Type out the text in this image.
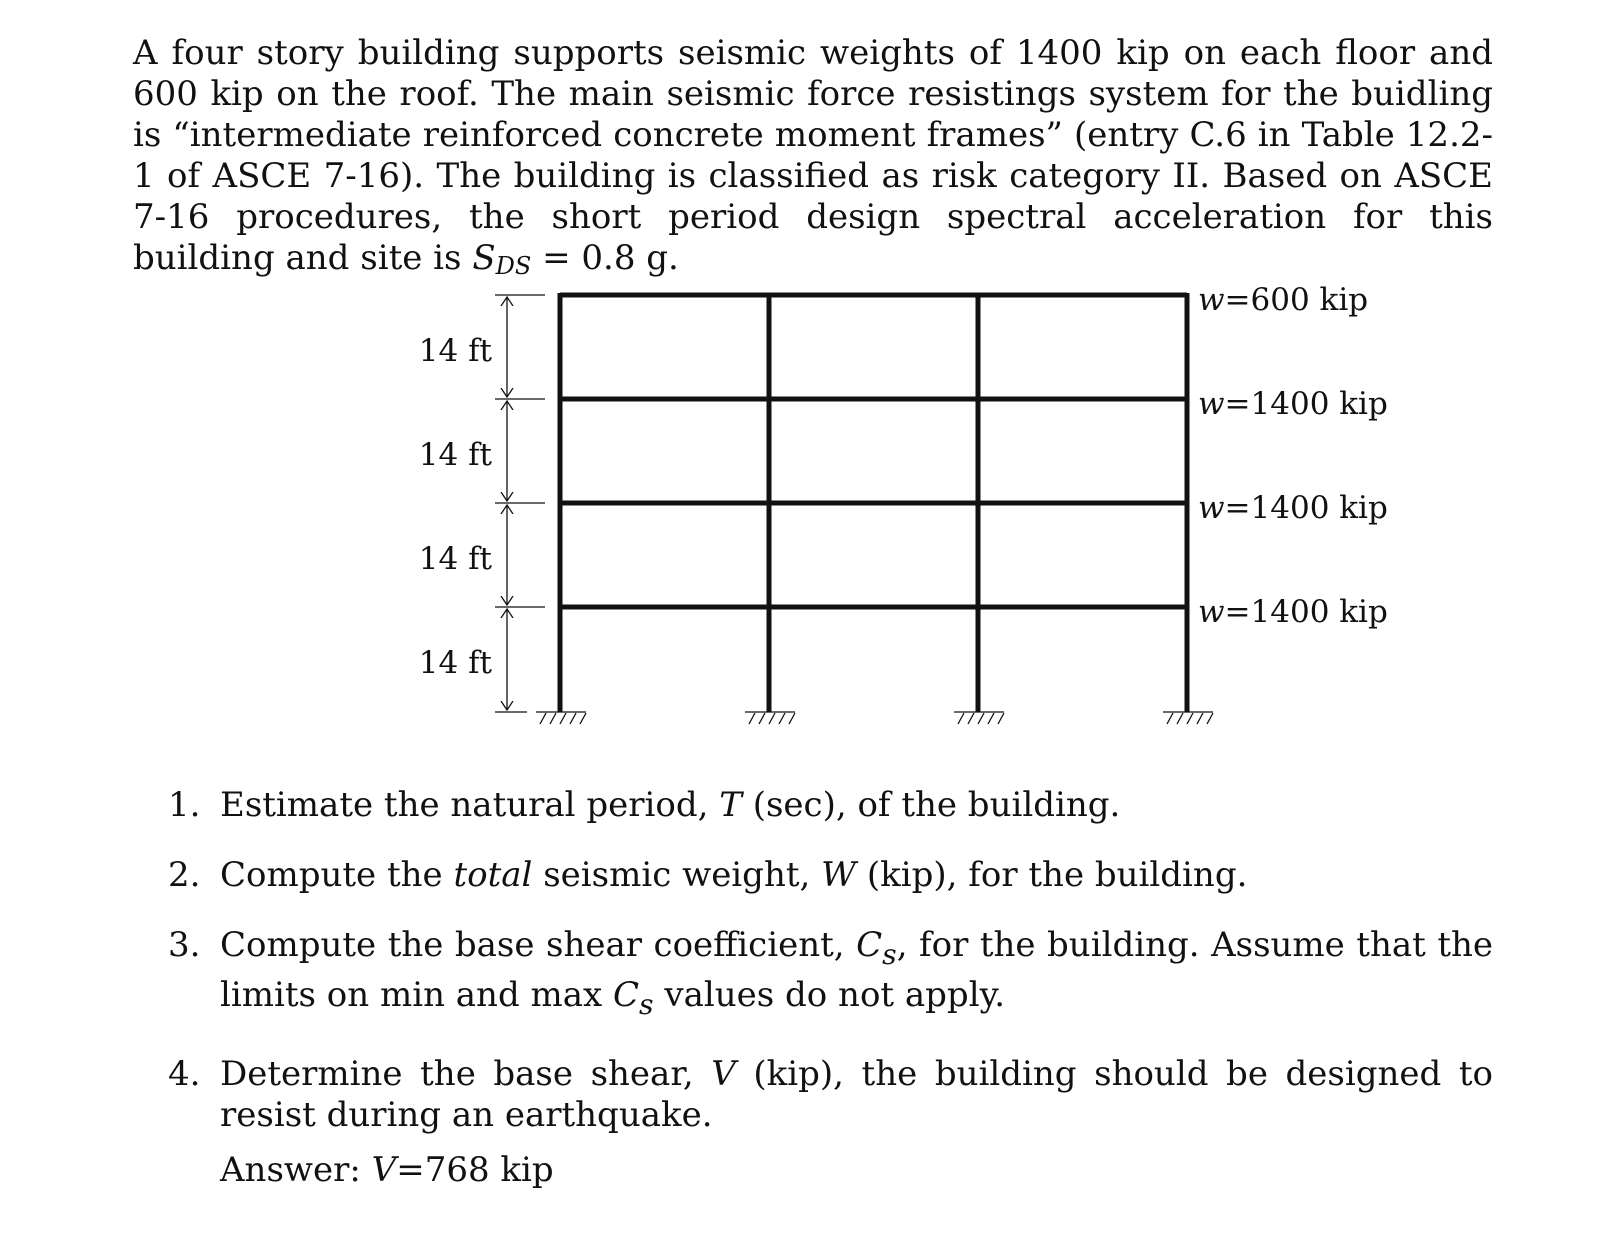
A four story building supports seismic weights of 1400 kip on each floor and 600 kip on the roof. The main seismic force resistings system for the buidling is “intermediate reinforced concrete moment frames” (entry C.6 in Table 12.2-1 of ASCE 7-16). The building is classified as risk category II. Based on ASCE 7-16 procedures, the short period design spectral acceleration for this building and site is $S_{DS} = 0.8$ g.

14 ft
14 ft
14 ft
14 ft
w=600 kip
w=1400 kip
w=1400 kip
w=1400 kip
1. Estimate the natural period, T (sec), of the building.
2. Compute the total seismic weight, W (kip), for the building.
3. Compute the base shear coefficient, $C_s$, for the building. Assume that the limits on min and $\max C_s$ values do not apply.
4. Determine the base shear, V (kip), the building should be designed to resist during an earthquake.
Answer: V=768 kip
